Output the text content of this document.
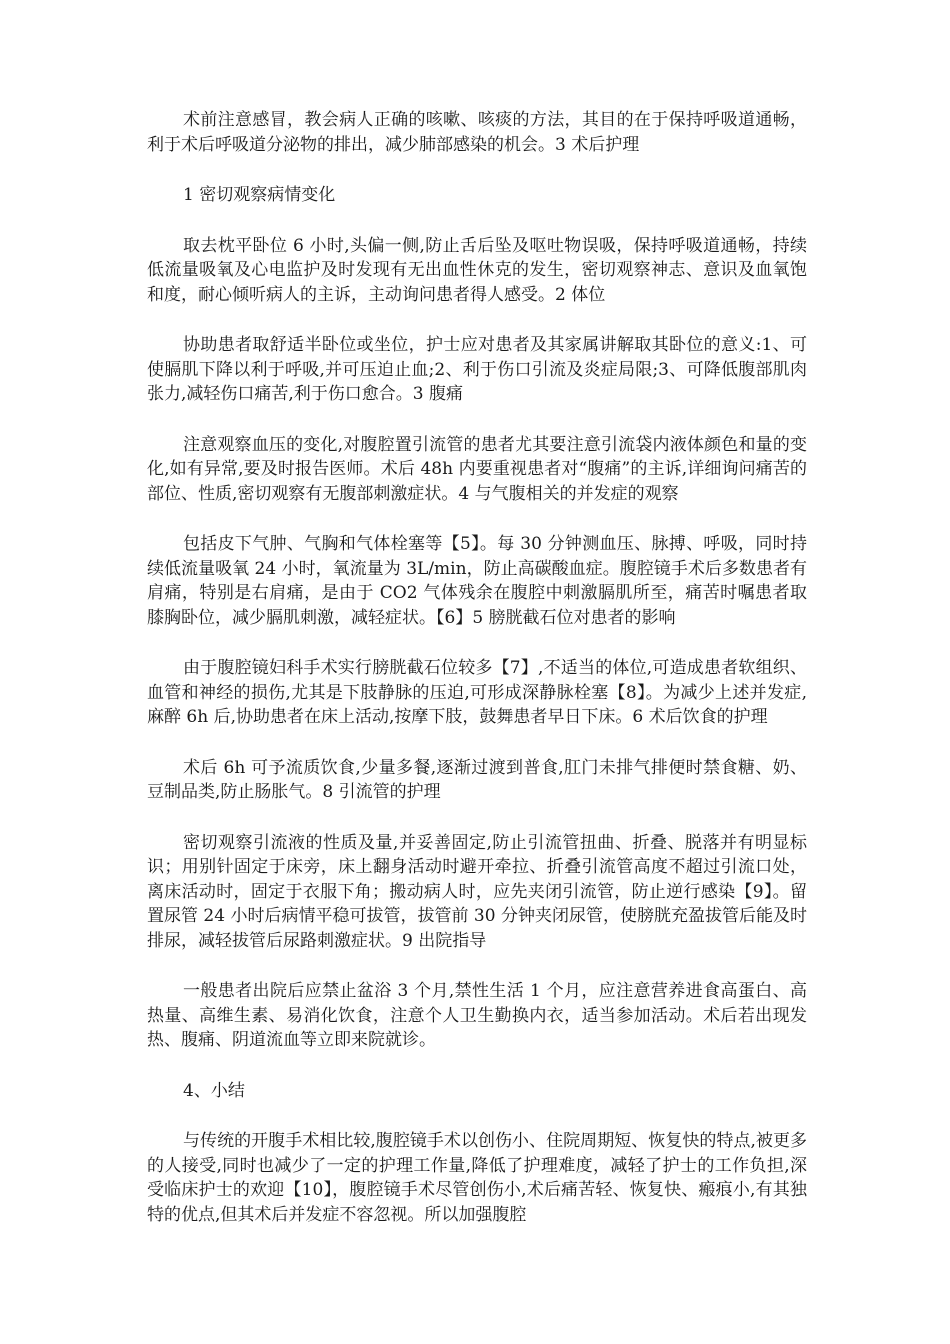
术前注意感冒，教会病人正确的咳嗽、咳痰的方法，其目的在于保持呼吸道通畅，利于术后呼吸道分泌物的排出，减少肺部感染的机会。3 术后护理

1 密切观察病情变化

取去枕平卧位 6 小时,头偏一侧,防止舌后坠及呕吐物误吸，保持呼吸道通畅，持续低流量吸氧及心电监护及时发现有无出血性休克的发生，密切观察神志、意识及血氧饱和度，耐心倾听病人的主诉，主动询问患者得人感受。2 体位

协助患者取舒适半卧位或坐位，护士应对患者及其家属讲解取其卧位的意义:1、可使膈肌下降以利于呼吸,并可压迫止血;2、利于伤口引流及炎症局限;3、可降低腹部肌肉张力,减轻伤口痛苦,利于伤口愈合。3 腹痛

注意观察血压的变化,对腹腔置引流管的患者尤其要注意引流袋内液体颜色和量的变化,如有异常,要及时报告医师。术后 48h 内要重视患者对“腹痛”的主诉,详细询问痛苦的部位、性质,密切观察有无腹部刺激症状。4 与气腹相关的并发症的观察

包括皮下气肿、气胸和气体栓塞等【5】。每 30 分钟测血压、脉搏、呼吸，同时持续低流量吸氧 24 小时，氧流量为 3L/min，防止高碳酸血症。腹腔镜手术后多数患者有肩痛，特别是右肩痛，是由于 CO2 气体残余在腹腔中刺激膈肌所至，痛苦时嘱患者取膝胸卧位，减少膈肌刺激，减轻症状。【6】5 膀胱截石位对患者的影响

由于腹腔镜妇科手术实行膀胱截石位较多【7】,不适当的体位,可造成患者软组织、血管和神经的损伤,尤其是下肢静脉的压迫,可形成深静脉栓塞【8】。为减少上述并发症,麻醉 6h 后,协助患者在床上活动,按摩下肢，鼓舞患者早日下床。6 术后饮食的护理

术后 6h 可予流质饮食,少量多餐,逐渐过渡到普食,肛门未排气排便时禁食糖、奶、豆制品类,防止肠胀气。8 引流管的护理

密切观察引流液的性质及量,并妥善固定,防止引流管扭曲、折叠、脱落并有明显标识；用别针固定于床旁，床上翻身活动时避开牵拉、折叠引流管高度不超过引流口处，离床活动时，固定于衣服下角；搬动病人时，应先夹闭引流管，防止逆行感染【9】。留置尿管 24 小时后病情平稳可拔管，拔管前 30 分钟夹闭尿管，使膀胱充盈拔管后能及时排尿，减轻拔管后尿路刺激症状。9 出院指导

一般患者出院后应禁止盆浴 3 个月,禁性生活 1 个月，应注意营养进食高蛋白、高热量、高维生素、易消化饮食，注意个人卫生勤换内衣，适当参加活动。术后若出现发热、腹痛、阴道流血等立即来院就诊。

4、小结

与传统的开腹手术相比较,腹腔镜手术以创伤小、住院周期短、恢复快的特点,被更多的人接受,同时也减少了一定的护理工作量,降低了护理难度，减轻了护士的工作负担,深受临床护士的欢迎【10】，腹腔镜手术尽管创伤小,术后痛苦轻、恢复快、瘢痕小,有其独特的优点,但其术后并发症不容忽视。所以加强腹腔
